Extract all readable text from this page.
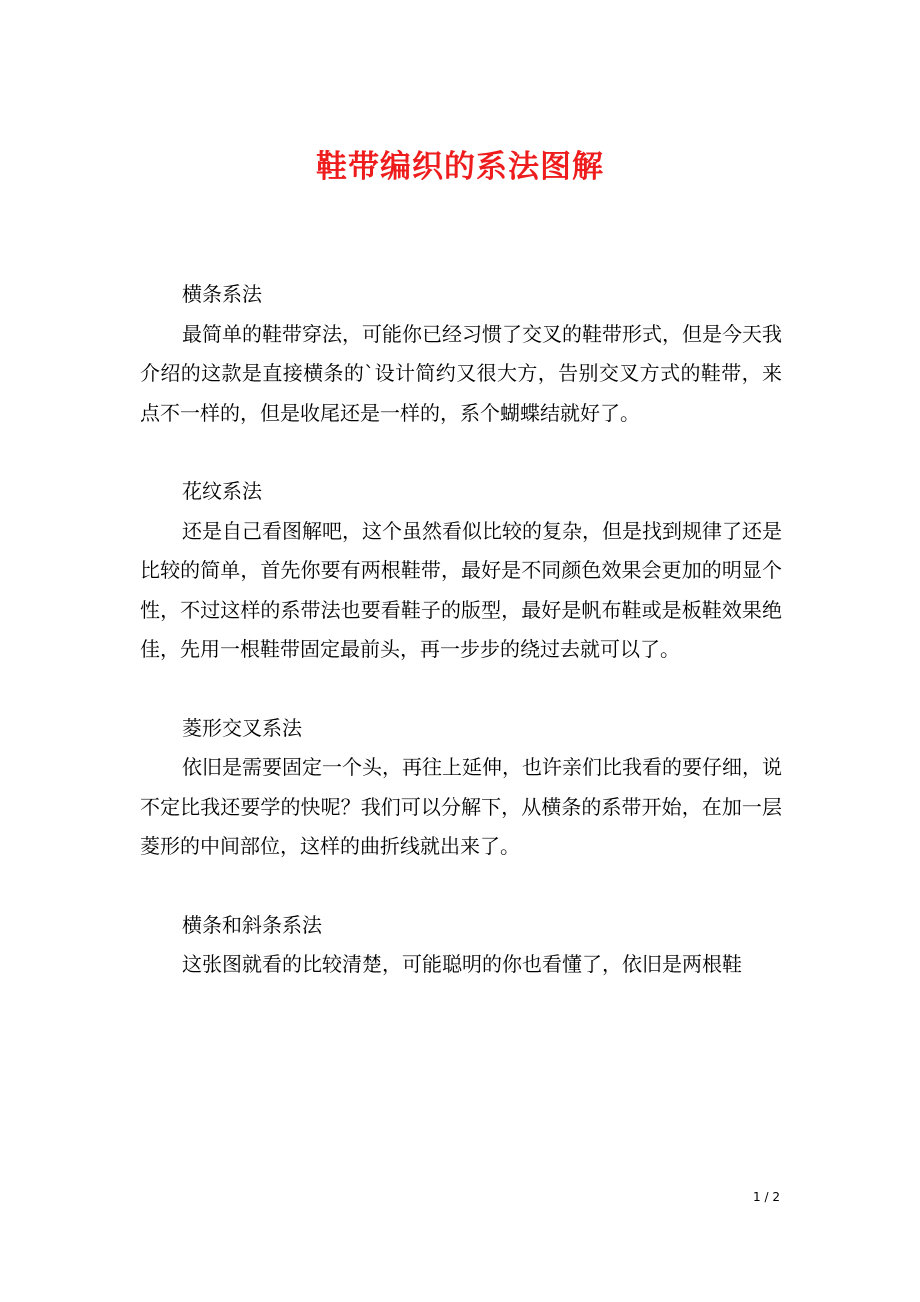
鞋带编织的系法图解

横条系法

最简单的鞋带穿法，可能你已经习惯了交叉的鞋带形式，但是今天我介绍的这款是直接横条的`设计简约又很大方，告别交叉方式的鞋带，来点不一样的，但是收尾还是一样的，系个蝴蝶结就好了。

花纹系法

还是自己看图解吧，这个虽然看似比较的复杂，但是找到规律了还是比较的简单，首先你要有两根鞋带，最好是不同颜色效果会更加的明显个性，不过这样的系带法也要看鞋子的版型，最好是帆布鞋或是板鞋效果绝佳，先用一根鞋带固定最前头，再一步步的绕过去就可以了。

菱形交叉系法

依旧是需要固定一个头，再往上延伸，也许亲们比我看的要仔细，说不定比我还要学的快呢？我们可以分解下，从横条的系带开始，在加一层菱形的中间部位，这样的曲折线就出来了。

横条和斜条系法

这张图就看的比较清楚，可能聪明的你也看懂了，依旧是两根鞋

1 / 2
